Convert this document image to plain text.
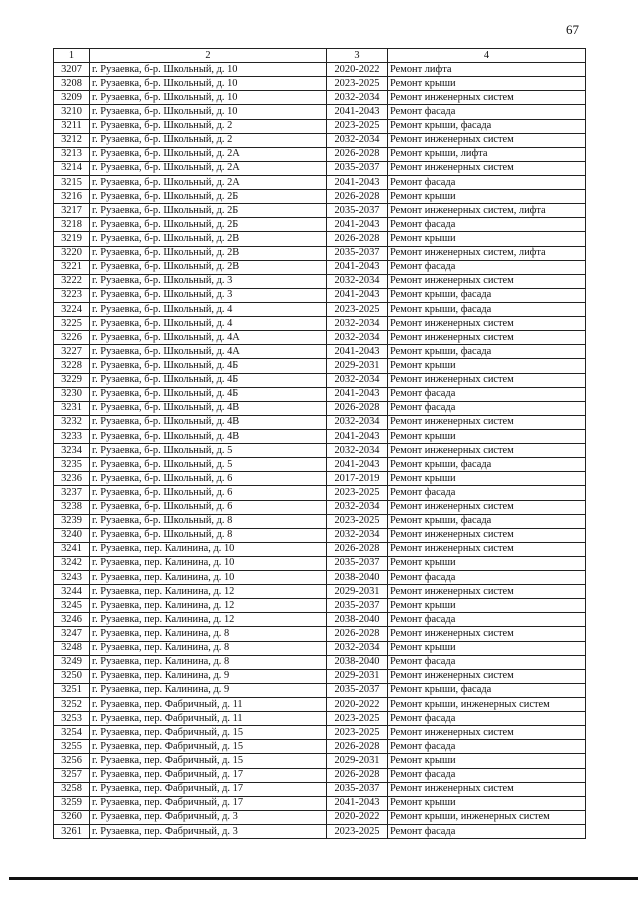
67
1	2	3	4
3207	г. Рузаевка, б-р. Школьный, д. 10	2020-2022	Ремонт лифта
3208	г. Рузаевка, б-р. Школьный, д. 10	2023-2025	Ремонт крыши
3209	г. Рузаевка, б-р. Школьный, д. 10	2032-2034	Ремонт инженерных систем
3210	г. Рузаевка, б-р. Школьный, д. 10	2041-2043	Ремонт фасада
3211	г. Рузаевка, б-р. Школьный, д. 2	2023-2025	Ремонт крыши, фасада
3212	г. Рузаевка, б-р. Школьный, д. 2	2032-2034	Ремонт инженерных систем
3213	г. Рузаевка, б-р. Школьный, д. 2А	2026-2028	Ремонт крыши, лифта
3214	г. Рузаевка, б-р. Школьный, д. 2А	2035-2037	Ремонт инженерных систем
3215	г. Рузаевка, б-р. Школьный, д. 2А	2041-2043	Ремонт фасада
3216	г. Рузаевка, б-р. Школьный, д. 2Б	2026-2028	Ремонт крыши
3217	г. Рузаевка, б-р. Школьный, д. 2Б	2035-2037	Ремонт инженерных систем, лифта
3218	г. Рузаевка, б-р. Школьный, д. 2Б	2041-2043	Ремонт фасада
3219	г. Рузаевка, б-р. Школьный, д. 2В	2026-2028	Ремонт крыши
3220	г. Рузаевка, б-р. Школьный, д. 2В	2035-2037	Ремонт инженерных систем, лифта
3221	г. Рузаевка, б-р. Школьный, д. 2В	2041-2043	Ремонт фасада
3222	г. Рузаевка, б-р. Школьный, д. 3	2032-2034	Ремонт инженерных систем
3223	г. Рузаевка, б-р. Школьный, д. 3	2041-2043	Ремонт крыши, фасада
3224	г. Рузаевка, б-р. Школьный, д. 4	2023-2025	Ремонт крыши, фасада
3225	г. Рузаевка, б-р. Школьный, д. 4	2032-2034	Ремонт инженерных систем
3226	г. Рузаевка, б-р. Школьный, д. 4А	2032-2034	Ремонт инженерных систем
3227	г. Рузаевка, б-р. Школьный, д. 4А	2041-2043	Ремонт крыши, фасада
3228	г. Рузаевка, б-р. Школьный, д. 4Б	2029-2031	Ремонт крыши
3229	г. Рузаевка, б-р. Школьный, д. 4Б	2032-2034	Ремонт инженерных систем
3230	г. Рузаевка, б-р. Школьный, д. 4Б	2041-2043	Ремонт фасада
3231	г. Рузаевка, б-р. Школьный, д. 4В	2026-2028	Ремонт фасада
3232	г. Рузаевка, б-р. Школьный, д. 4В	2032-2034	Ремонт инженерных систем
3233	г. Рузаевка, б-р. Школьный, д. 4В	2041-2043	Ремонт крыши
3234	г. Рузаевка, б-р. Школьный, д. 5	2032-2034	Ремонт инженерных систем
3235	г. Рузаевка, б-р. Школьный, д. 5	2041-2043	Ремонт крыши, фасада
3236	г. Рузаевка, б-р. Школьный, д. 6	2017-2019	Ремонт крыши
3237	г. Рузаевка, б-р. Школьный, д. 6	2023-2025	Ремонт фасада
3238	г. Рузаевка, б-р. Школьный, д. 6	2032-2034	Ремонт инженерных систем
3239	г. Рузаевка, б-р. Школьный, д. 8	2023-2025	Ремонт крыши, фасада
3240	г. Рузаевка, б-р. Школьный, д. 8	2032-2034	Ремонт инженерных систем
3241	г. Рузаевка, пер. Калинина, д. 10	2026-2028	Ремонт инженерных систем
3242	г. Рузаевка, пер. Калинина, д. 10	2035-2037	Ремонт крыши
3243	г. Рузаевка, пер. Калинина, д. 10	2038-2040	Ремонт фасада
3244	г. Рузаевка, пер. Калинина, д. 12	2029-2031	Ремонт инженерных систем
3245	г. Рузаевка, пер. Калинина, д. 12	2035-2037	Ремонт крыши
3246	г. Рузаевка, пер. Калинина, д. 12	2038-2040	Ремонт фасада
3247	г. Рузаевка, пер. Калинина, д. 8	2026-2028	Ремонт инженерных систем
3248	г. Рузаевка, пер. Калинина, д. 8	2032-2034	Ремонт крыши
3249	г. Рузаевка, пер. Калинина, д. 8	2038-2040	Ремонт фасада
3250	г. Рузаевка, пер. Калинина, д. 9	2029-2031	Ремонт инженерных систем
3251	г. Рузаевка, пер. Калинина, д. 9	2035-2037	Ремонт крыши, фасада
3252	г. Рузаевка, пер. Фабричный, д. 11	2020-2022	Ремонт крыши, инженерных систем
3253	г. Рузаевка, пер. Фабричный, д. 11	2023-2025	Ремонт фасада
3254	г. Рузаевка, пер. Фабричный, д. 15	2023-2025	Ремонт инженерных систем
3255	г. Рузаевка, пер. Фабричный, д. 15	2026-2028	Ремонт фасада
3256	г. Рузаевка, пер. Фабричный, д. 15	2029-2031	Ремонт крыши
3257	г. Рузаевка, пер. Фабричный, д. 17	2026-2028	Ремонт фасада
3258	г. Рузаевка, пер. Фабричный, д. 17	2035-2037	Ремонт инженерных систем
3259	г. Рузаевка, пер. Фабричный, д. 17	2041-2043	Ремонт крыши
3260	г. Рузаевка, пер. Фабричный, д. 3	2020-2022	Ремонт крыши, инженерных систем
3261	г. Рузаевка, пер. Фабричный, д. 3	2023-2025	Ремонт фасада
